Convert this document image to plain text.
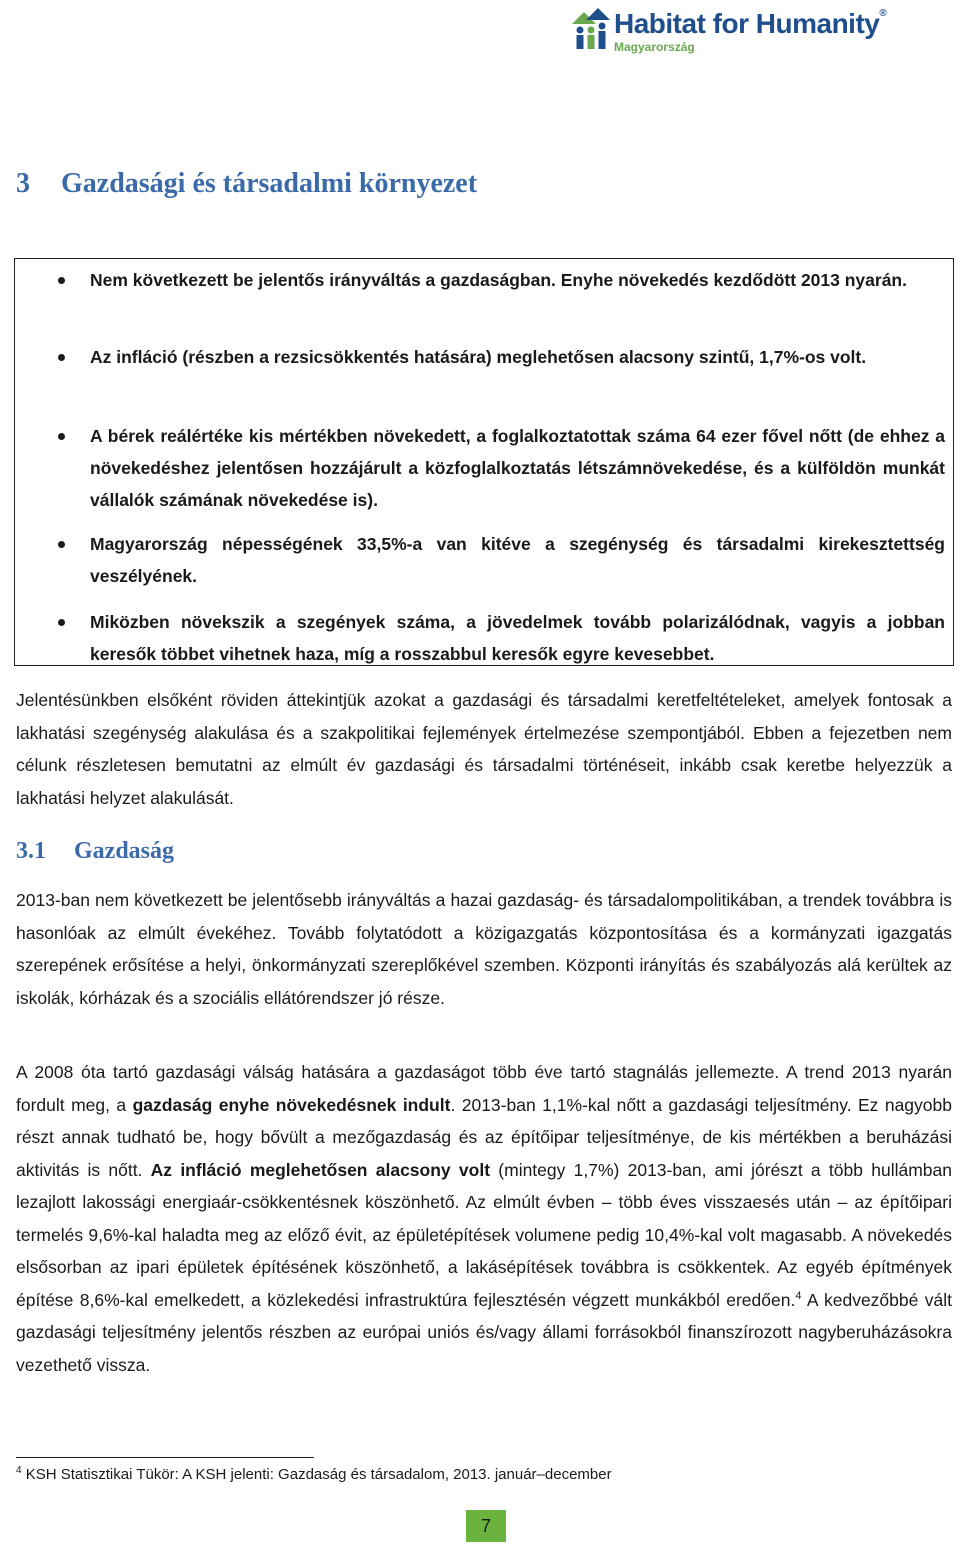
Habitat for Humanity®
Magyarország
3 Gazdasági és társadalmi környezet
Nem következett be jelentős irányváltás a gazdaságban. Enyhe növekedés kezdődött 2013 nyarán.
Az infláció (részben a rezsicsökkentés hatására) meglehetősen alacsony szintű, 1,7%-os volt.
A bérek reálértéke kis mértékben növekedett, a foglalkoztatottak száma 64 ezer fővel nőtt (de ehhez a növekedéshez jelentősen hozzájárult a közfoglalkoztatás létszámnövekedése, és a külföldön munkát vállalók számának növekedése is).
Magyarország népességének 33,5%-a van kitéve a szegénység és társadalmi kirekesztettség veszélyének.
Miközben növekszik a szegények száma, a jövedelmek tovább polarizálódnak, vagyis a jobban keresők többet vihetnek haza, míg a rosszabbul keresők egyre kevesebbet.
Jelentésünkben elsőként röviden áttekintjük azokat a gazdasági és társadalmi keretfeltételeket, amelyek fontosak a lakhatási szegénység alakulása és a szakpolitikai fejlemények értelmezése szempontjából. Ebben a fejezetben nem célunk részletesen bemutatni az elmúlt év gazdasági és társadalmi történéseit, inkább csak keretbe helyezzük a lakhatási helyzet alakulását.
3.1 Gazdaság
2013-ban nem következett be jelentősebb irányváltás a hazai gazdaság- és társadalompolitikában, a trendek továbbra is hasonlóak az elmúlt évekéhez. Tovább folytatódott a közigazgatás központosítása és a kormányzati igazgatás szerepének erősítése a helyi, önkormányzati szereplőkével szemben. Központi irányítás és szabályozás alá kerültek az iskolák, kórházak és a szociális ellátórendszer jó része.
A 2008 óta tartó gazdasági válság hatására a gazdaságot több éve tartó stagnálás jellemezte. A trend 2013 nyarán fordult meg, a gazdaság enyhe növekedésnek indult. 2013-ban 1,1%-kal nőtt a gazdasági teljesítmény. Ez nagyobb részt annak tudható be, hogy bővült a mezőgazdaság és az építőipar teljesítménye, de kis mértékben a beruházási aktivitás is nőtt. Az infláció meglehetősen alacsony volt (mintegy 1,7%) 2013-ban, ami jórészt a több hullámban lezajlott lakossági energiaár-csökkentésnek köszönhető. Az elmúlt évben – több éves visszaesés után – az építőipari termelés 9,6%-kal haladta meg az előző évit, az épületépítések volumene pedig 10,4%-kal volt magasabb. A növekedés elsősorban az ipari épületek építésének köszönhető, a lakásépítések továbbra is csökkentek. Az egyéb építmények építése 8,6%-kal emelkedett, a közlekedési infrastruktúra fejlesztésén végzett munkákból eredően.$^4$ A kedvezőbbé vált gazdasági teljesítmény jelentős részben az európai uniós és/vagy állami forrásokból finanszírozott nagyberuházásokra vezethető vissza.
$^4$ KSH Statisztikai Tükör: A KSH jelenti: Gazdaság és társadalom, 2013. január–december
7
